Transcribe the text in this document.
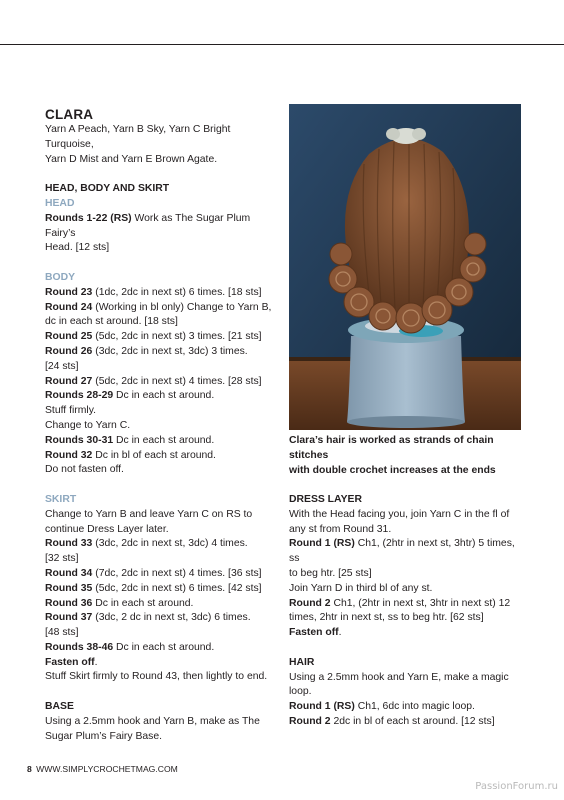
CLARA

Yarn A Peach, Yarn B Sky, Yarn C Bright Turquoise,

Yarn D Mist and Yarn E Brown Agate.

HEAD, BODY AND SKIRT

HEAD

Rounds 1-22 (RS) Work as The Sugar Plum Fairy’s

Head. [12 sts]

BODY

Round 23 (1dc, 2dc in next st) 6 times. [18 sts]

Round 24 (Working in bl only) Change to Yarn B,

dc in each st around. [18 sts]

Round 25 (5dc, 2dc in next st) 3 times. [21 sts]

Round 26 (3dc, 2dc in next st, 3dc) 3 times.

[24 sts]

Round 27 (5dc, 2dc in next st) 4 times. [28 sts]

Rounds 28-29 Dc in each st around.

Stuff firmly.

Change to Yarn C.

Rounds 30-31 Dc in each st around.

Round 32 Dc in bl of each st around.

Do not fasten off.

SKIRT

Change to Yarn B and leave Yarn C on RS to

continue Dress Layer later.

Round 33 (3dc, 2dc in next st, 3dc) 4 times.

[32 sts]

Round 34 (7dc, 2dc in next st) 4 times. [36 sts]

Round 35 (5dc, 2dc in next st) 6 times. [42 sts]

Round 36 Dc in each st around.

Round 37 (3dc, 2 dc in next st, 3dc) 6 times.

[48 sts]

Rounds 38-46 Dc in each st around.

Fasten off.

Stuff Skirt firmly to Round 43, then lightly to end.

BASE

Using a 2.5mm hook and Yarn B, make as The

Sugar Plum’s Fairy Base.

Clara’s hair is worked as strands of chain stitches

with double crochet increases at the ends

DRESS LAYER

With the Head facing you, join Yarn C in the fl of

any st from Round 31.

Round 1 (RS) Ch1, (2htr in next st, 3htr) 5 times, ss

to beg htr. [25 sts]

Join Yarn D in third bl of any st.

Round 2 Ch1, (2htr in next st, 3htr in next st) 12

times, 2htr in next st, ss to beg htr. [62 sts]

Fasten off.

HAIR

Using a 2.5mm hook and Yarn E, make a magic

loop.

Round 1 (RS) Ch1, 6dc into magic loop.

Round 2 2dc in bl of each st around. [12 sts]

8 WWW.SIMPLYCROCHETMAG.COM
PassionForum.ru
